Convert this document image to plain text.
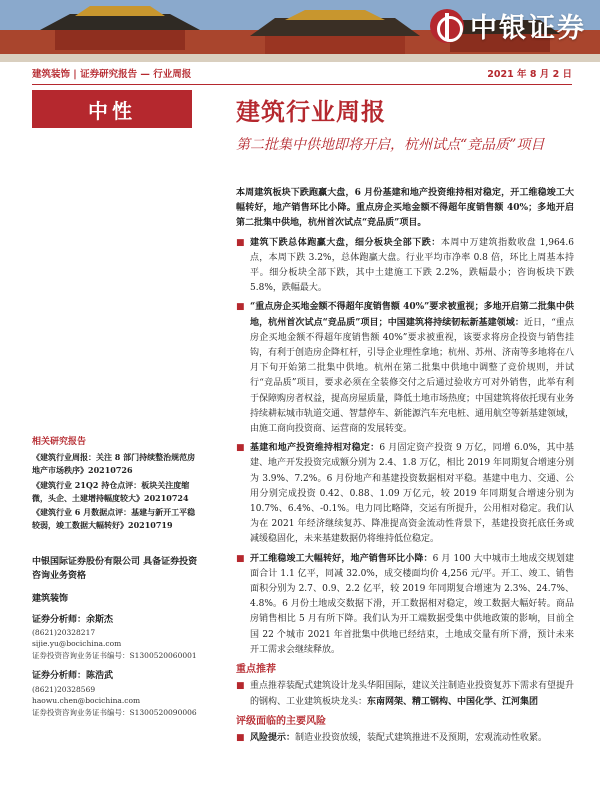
中银证券
建筑装饰 | 证券研究报告 — 行业周报	2021 年 8 月 2 日
中性	建筑行业周报
第二批集中供地即将开启，杭州试点“竞品质”项目

本周建筑板块下跌跑赢大盘，6 月份基建和地产投资维持相对稳定，开工维稳竣工大幅转好，地产销售环比小降。重点房企买地金额不得超年度销售额 40%；多地开启第二批集中供地，杭州首次试点“竞品质”项目。

■ 建筑下跌总体跑赢大盘，细分板块全部下跌：本周中万建筑指数收盘 1,964.6 点，本周下跌 3.2%，总体跑赢大盘。行业平均市净率 0.8 倍，环比上周基本持平。细分板块全部下跌，其中土建施工下跌 2.2%，跌幅最小；咨询板块下跌 5.8%，跌幅最大。
■ “重点房企买地金额不得超年度销售额 40%”要求被重视；多地开启第二批集中供地，杭州首次试点“竞品质”项目；中国建筑将持续韧耘新基建领域：近日，“重点房企买地金额不得超年度销售额 40%”要求被重视，该要求将房企投资与销售挂钩，有利于创造房企降杠杆，引导企业理性拿地；杭州、苏州、济南等多地将在八月下旬开始第二批集中供地。杭州在第二批集中供地中调整了竞价规则，并试行“竞品质”项目，要求必须在全装修交付之后通过验收方可对外销售，此举有利于保障购房者权益，提高房屋质量，降低土地市场热度；中国建筑将依托现有业务持续耕耘城市轨道交通、智慧停车、新能源汽车充电桩、通用航空等新基建领域，由施工商向投资商、运营商的发展转变。
■ 基建和地产投资维持相对稳定：6 月固定资产投资 9 万亿，同增 6.0%，其中基建、地产开发投资完成额分别为 2.4、1.8 万亿，相比 2019 年同期复合增速分别为 3.9%、7.2%。6 月份地产和基建投资数据相对平稳。基建中电力、交通、公用分别完成投资 0.42、0.88、1.09 万亿元，较 2019 年同期复合增速分别为 10.7%、6.4%、-0.1%。电力同比略降，交运有所提升，公用相对稳定。我们认为在 2021 年经济继续复苏、降准提高资金流动性背景下，基建投资托底任务或减缓稳固化，未来基建数据仍将维持低位稳定。
■ 开工维稳竣工大幅转好，地产销售环比小降：6 月 100 大中城市土地成交规划建面合计 1.1 亿平，同减 32.0%，成交楼面均价 4,256 元/平。开工、竣工、销售面积分别为 2.7、0.9、2.2 亿平，较 2019 年同期复合增速为 2.3%、24.7%、4.8%。6 月份土地成交数据下滑，开工数据相对稳定，竣工数据大幅好转。商品房销售相比 5 月有所下降。我们认为开工端数据受集中供地政策的影响，目前全国 22 个城市 2021 年首批集中供地已经结束，土地成交量有所下滑，预计未来开工需求会继续释放。
重点推荐
■ 重点推荐装配式建筑设计龙头华阳国际，建议关注制造业投资复苏下需求有望提升的钢构、工业建筑板块龙头：东南网架、精工钢构、中国化学、江河集团
评级面临的主要风险
■ 风险提示：制造业投资放缓，装配式建筑推进不及预期，宏观流动性收紧。
相关研究报告
《建筑行业周报：关注 8 部门持续整治规范房地产市场秩序》20210726
《建筑行业 21Q2 持仓点评：板块关注度缩微，头企、土建增持幅度较大》20210724
《建筑行业 6 月数据点评：基建与新开工平稳较弱，竣工数据大幅转好》20210719
中银国际证券股份有限公司 具备证券投资咨询业务资格
建筑装饰
证券分析师：余斯杰
(8621)20328217
sijie.yu@bocichina.com
证券投资咨询业务证书编号：S1300520060001
证券分析师：陈浩武
(8621)20328569
haowu.chen@bocichina.com
证券投资咨询业务证书编号：S1300520090006
